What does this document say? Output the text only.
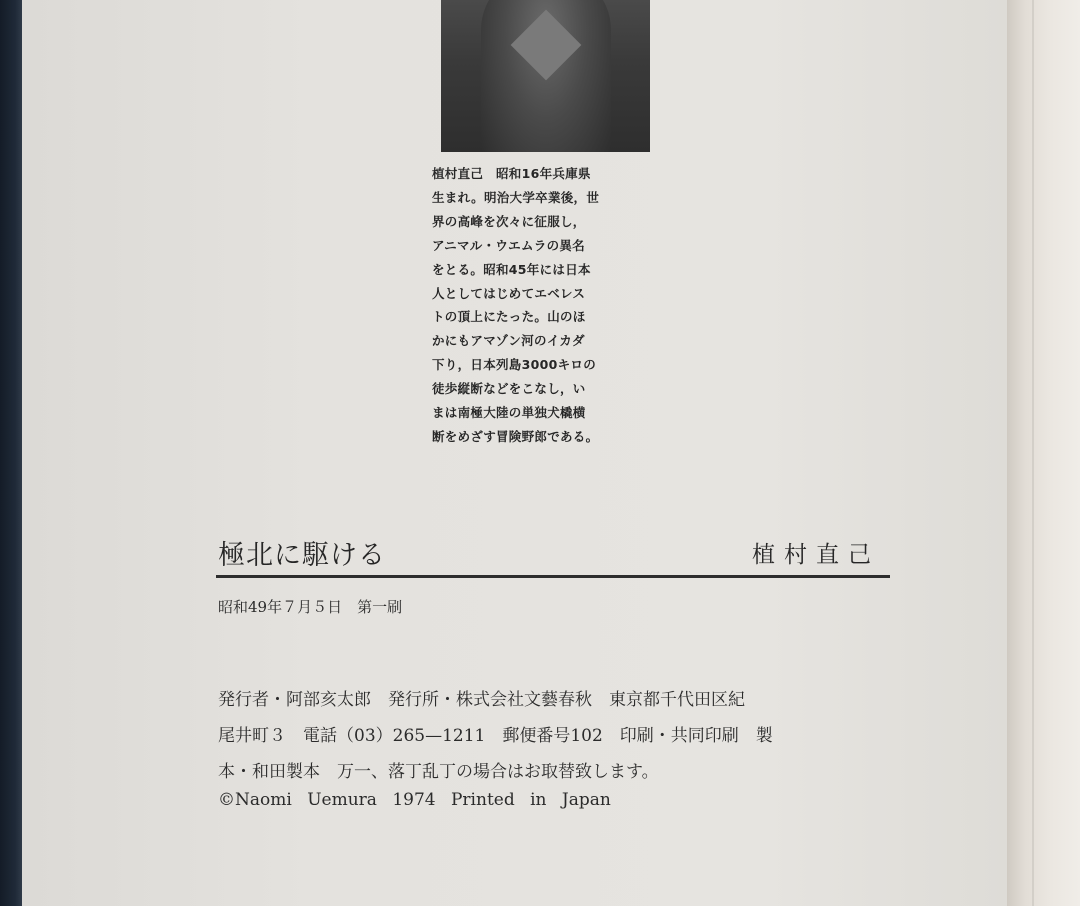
植村直己　昭和16年兵庫県
生まれ。明治大学卒業後，世
界の高峰を次々に征服し，
アニマル・ウエムラの異名
をとる。昭和45年には日本
人としてはじめてエベレス
トの頂上にたった。山のほ
かにもアマゾン河のイカダ
下り，日本列島3000キロの
徒歩縦断などをこなし，い
まは南極大陸の単独犬橇横
断をめざす冒険野郎である。
極北に駆ける	植村直己
昭和49年７月５日　第一刷
発行者・阿部亥太郎　発行所・株式会社文藝春秋　東京都千代田区紀
尾井町３　電話（03）265—1211　郵便番号102　印刷・共同印刷　製
本・和田製本　万一、落丁乱丁の場合はお取替致します。
©Naomi Uemura 1974 Printed in Japan
